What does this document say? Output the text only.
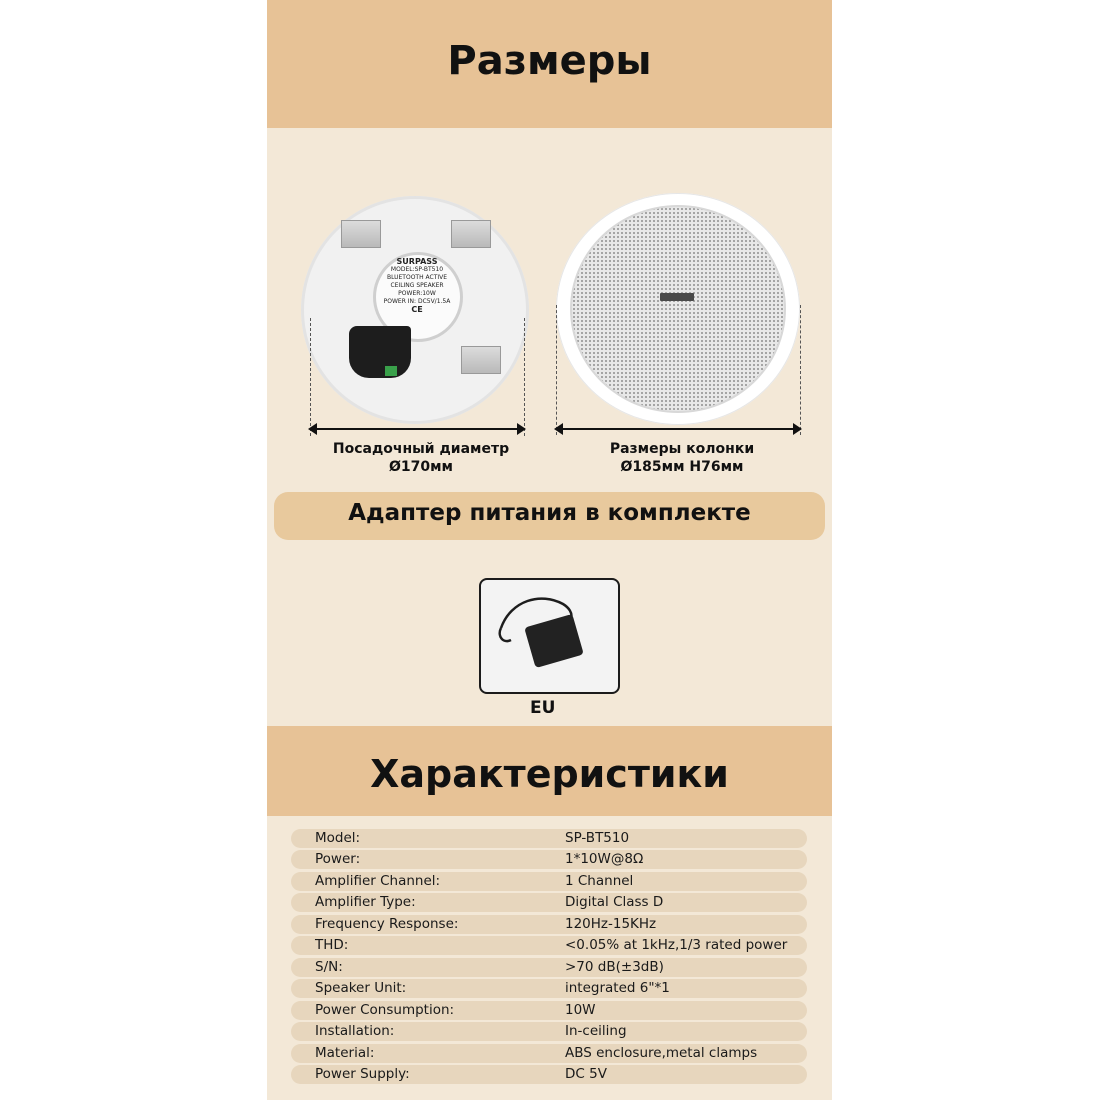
Размеры
Характеристики
SURPASS
MODEL:SP-BT510
BLUETOOTH ACTIVE
CEILING SPEAKER
POWER:10W
POWER IN: DC5V/1.5A
CE
Посадочный диаметр
Ø170мм
Размеры колонки
Ø185мм H76мм
Адаптер питания в комплекте
EU
Model:	SP-BT510
Power:	1*10W@8Ω
Amplifier Channel:	1 Channel
Amplifier Type:	Digital Class D
Frequency Response:	120Hz-15KHz
THD:	<0.05% at 1kHz,1/3 rated power
S/N:	>70 dB(±3dB)
Speaker Unit:	integrated 6"*1
Power Consumption:	10W
Installation:	In-ceiling
Material:	ABS enclosure,metal clamps
Power Supply:	DC 5V
